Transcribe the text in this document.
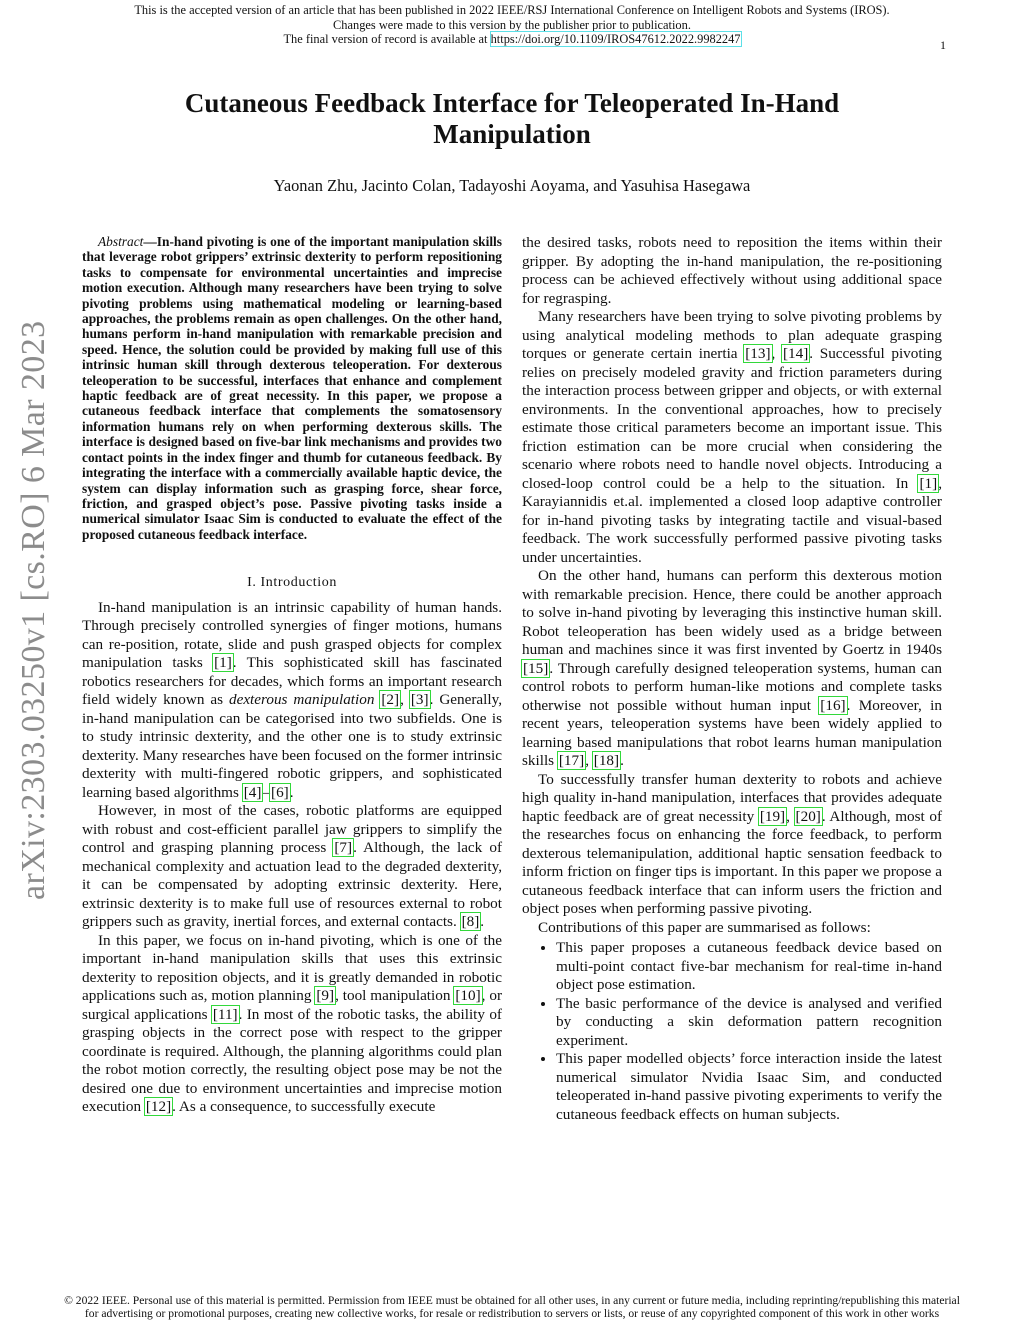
This is the accepted version of an article that has been published in 2022 IEEE/RSJ International Conference on Intelligent Robots and Systems (IROS).
Changes were made to this version by the publisher prior to publication.
The final version of record is available at https://doi.org/10.1109/IROS47612.2022.9982247	1
arXiv:2303.03250v1 [cs.RO] 6 Mar 2023
Cutaneous Feedback Interface for Teleoperated In-Hand Manipulation
Yaonan Zhu, Jacinto Colan, Tadayoshi Aoyama, and Yasuhisa Hasegawa

Abstract—In-hand pivoting is one of the important manipulation skills that leverage robot grippers’ extrinsic dexterity to perform repositioning tasks to compensate for environmental uncertainties and imprecise motion execution. Although many researchers have been trying to solve pivoting problems using mathematical modeling or learning-based approaches, the problems remain as open challenges. On the other hand, humans perform in-hand manipulation with remarkable precision and speed. Hence, the solution could be provided by making full use of this intrinsic human skill through dexterous teleoperation. For dexterous teleoperation to be successful, interfaces that enhance and complement haptic feedback are of great necessity. In this paper, we propose a cutaneous feedback interface that complements the somatosensory information humans rely on when performing dexterous skills. The interface is designed based on five-bar link mechanisms and provides two contact points in the index finger and thumb for cutaneous feedback. By integrating the interface with a commercially available haptic device, the system can display information such as grasping force, shear force, friction, and grasped object’s pose. Passive pivoting tasks inside a numerical simulator Isaac Sim is conducted to evaluate the effect of the proposed cutaneous feedback interface.

I. Introduction

In-hand manipulation is an intrinsic capability of human hands. Through precisely controlled synergies of finger motions, humans can re-position, rotate, slide and push grasped objects for complex manipulation tasks [1]. This sophisticated skill has fascinated robotics researchers for decades, which forms an important research field widely known as dexterous manipulation [2], [3]. Generally, in-hand manipulation can be categorised into two subfields. One is to study intrinsic dexterity, and the other one is to study extrinsic dexterity. Many researches have been focused on the former intrinsic dexterity with multi-fingered robotic grippers, and sophisticated learning based algorithms [4]–[6].

However, in most of the cases, robotic platforms are equipped with robust and cost-efficient parallel jaw grippers to simplify the control and grasping planning process [7]. Although, the lack of mechanical complexity and actuation lead to the degraded dexterity, it can be compensated by adopting extrinsic dexterity. Here, extrinsic dexterity is to make full use of resources external to robot grippers such as gravity, inertial forces, and external contacts. [8].

In this paper, we focus on in-hand pivoting, which is one of the important in-hand manipulation skills that uses this extrinsic dexterity to reposition objects, and it is greatly demanded in robotic applications such as, motion planning [9], tool manipulation [10], or surgical applications [11]. In most of the robotic tasks, the ability of grasping objects in the correct pose with respect to the gripper coordinate is required. Although, the planning algorithms could plan the robot motion correctly, the resulting object pose may be not the desired one due to environment uncertainties and imprecise motion execution [12]. As a consequence, to successfully execute

the desired tasks, robots need to reposition the items within their gripper. By adopting the in-hand manipulation, the re-positioning process can be achieved effectively without using additional space for regrasping.

Many researchers have been trying to solve pivoting problems by using analytical modeling methods to plan adequate grasping torques or generate certain inertia [13], [14]. Successful pivoting relies on precisely modeled gravity and friction parameters during the interaction process between gripper and objects, or with external environments. In the conventional approaches, how to precisely estimate those critical parameters become an important issue. This friction estimation can be more crucial when considering the scenario where robots need to handle novel objects. Introducing a closed-loop control could be a help to the situation. In [1], Karayiannidis et.al. implemented a closed loop adaptive controller for in-hand pivoting tasks by integrating tactile and visual-based feedback. The work successfully performed passive pivoting tasks under uncertainties.

On the other hand, humans can perform this dexterous motion with remarkable precision. Hence, there could be another approach to solve in-hand pivoting by leveraging this instinctive human skill. Robot teleoperation has been widely used as a bridge between human and machines since it was first invented by Goertz in 1940s [15]. Through carefully designed teleoperation systems, human can control robots to perform human-like motions and complete tasks otherwise not possible without human input [16]. Moreover, in recent years, teleoperation systems have been widely applied to learning based manipulations that robot learns human manipulation skills [17], [18].

To successfully transfer human dexterity to robots and achieve high quality in-hand manipulation, interfaces that provides adequate haptic feedback are of great necessity [19], [20]. Although, most of the researches focus on enhancing the force feedback, to perform dexterous telemanipulation, additional haptic sensation feedback to inform friction on finger tips is important. In this paper we propose a cutaneous feedback interface that can inform users the friction and object poses when performing passive pivoting.

Contributions of this paper are summarised as follows:

• This paper proposes a cutaneous feedback device based on multi-point contact five-bar mechanism for real-time in-hand object pose estimation.
• The basic performance of the device is analysed and verified by conducting a skin deformation pattern recognition experiment.
• This paper modelled objects’ force interaction inside the latest numerical simulator Nvidia Isaac Sim, and conducted teleoperated in-hand passive pivoting experiments to verify the cutaneous feedback effects on human subjects.
© 2022 IEEE. Personal use of this material is permitted. Permission from IEEE must be obtained for all other uses, in any current or future media, including reprinting/republishing this material
for advertising or promotional purposes, creating new collective works, for resale or redistribution to servers or lists, or reuse of any copyrighted component of this work in other works
